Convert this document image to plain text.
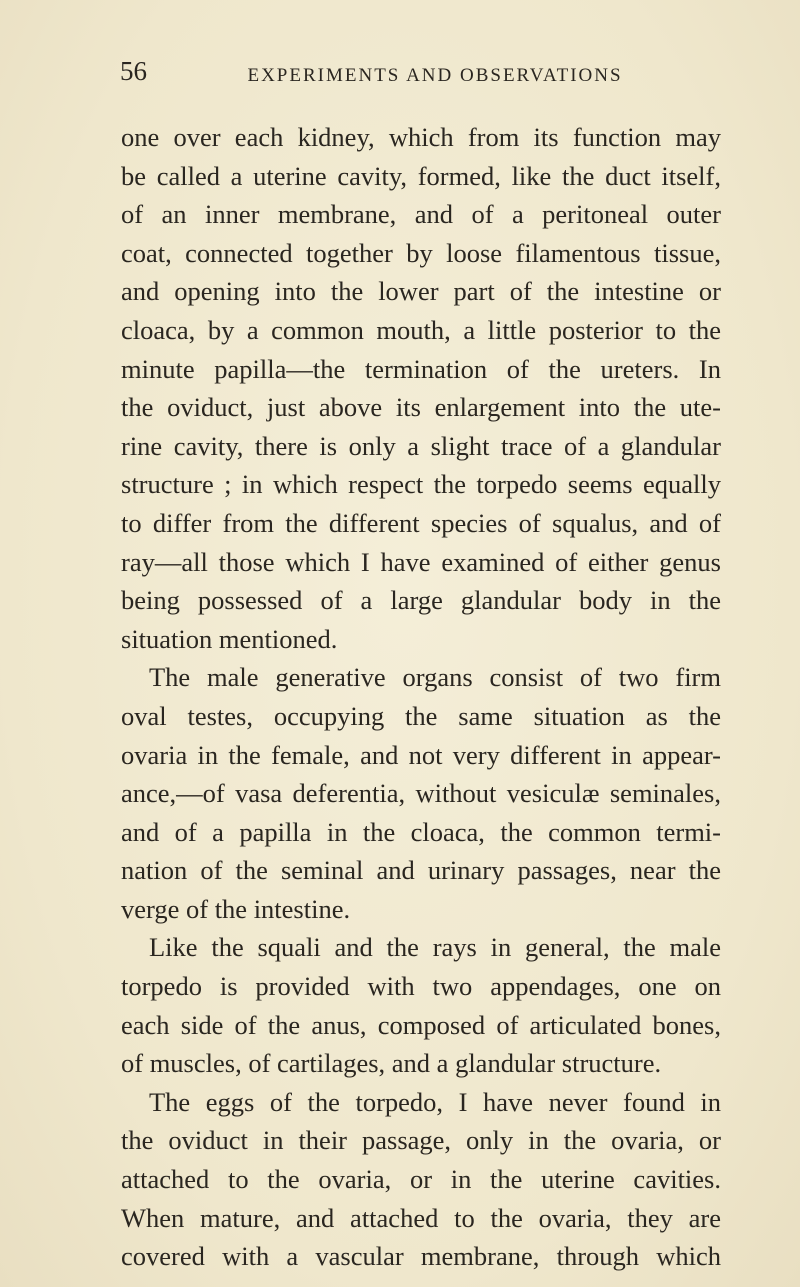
56	EXPERIMENTS AND OBSERVATIONS
one over each kidney, which from its function may
be called a uterine cavity, formed, like the duct itself,
of an inner membrane, and of a peritoneal outer
coat, connected together by loose filamentous tissue,
and opening into the lower part of the intestine or
cloaca, by a common mouth, a little posterior to the
minute papilla—the termination of the ureters. In
the oviduct, just above its enlargement into the ute-
rine cavity, there is only a slight trace of a glandular
structure ; in which respect the torpedo seems equally
to differ from the different species of squalus, and of
ray—all those which I have examined of either genus
being possessed of a large glandular body in the
situation mentioned.
The male generative organs consist of two firm
oval testes, occupying the same situation as the
ovaria in the female, and not very different in appear-
ance,—of vasa deferentia, without vesiculæ seminales,
and of a papilla in the cloaca, the common termi-
nation of the seminal and urinary passages, near the
verge of the intestine.
Like the squali and the rays in general, the male
torpedo is provided with two appendages, one on
each side of the anus, composed of articulated bones,
of muscles, of cartilages, and a glandular structure.
The eggs of the torpedo, I have never found in
the oviduct in their passage, only in the ovaria, or
attached to the ovaria, or in the uterine cavities.
When mature, and attached to the ovaria, they are
covered with a vascular membrane, through which
